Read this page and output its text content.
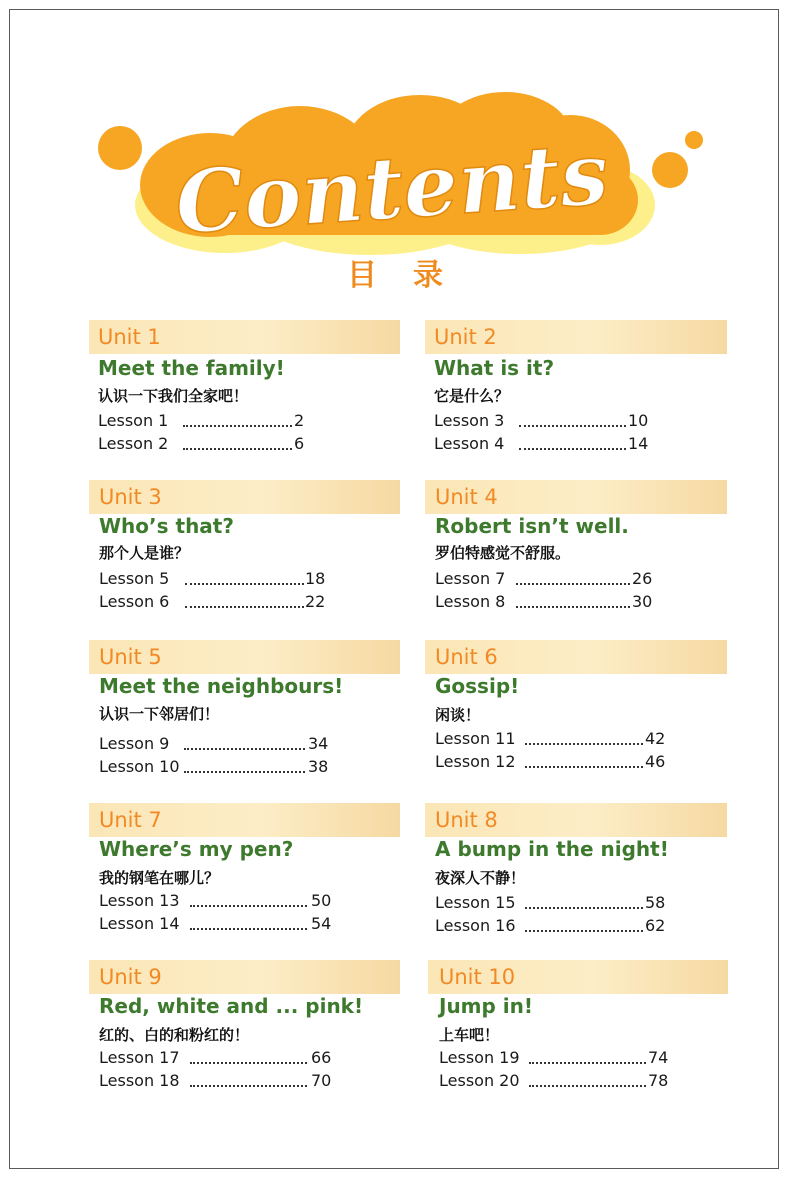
Contents
目录
Unit 1
Meet the family!
认识一下我们全家吧！
Lesson 1	2
Lesson 2	6
Unit 2
What is it?
它是什么？
Lesson 3	10
Lesson 4	14
Unit 3
Who’s that?
那个人是谁？
Lesson 5	18
Lesson 6	22
Unit 4
Robert isn’t well.
罗伯特感觉不舒服。
Lesson 7	26
Lesson 8	30
Unit 5
Meet the neighbours!
认识一下邻居们！
Lesson 9	34
Lesson 10	38
Unit 6
Gossip!
闲谈！
Lesson 11	42
Lesson 12	46
Unit 7
Where’s my pen?
我的钢笔在哪儿？
Lesson 13	50
Lesson 14	54
Unit 8
A bump in the night!
夜深人不静！
Lesson 15	58
Lesson 16	62
Unit 9
Red, white and ... pink!
红的、白的和粉红的！
Lesson 17	66
Lesson 18	70
Unit 10
Jump in!
上车吧！
Lesson 19	74
Lesson 20	78
